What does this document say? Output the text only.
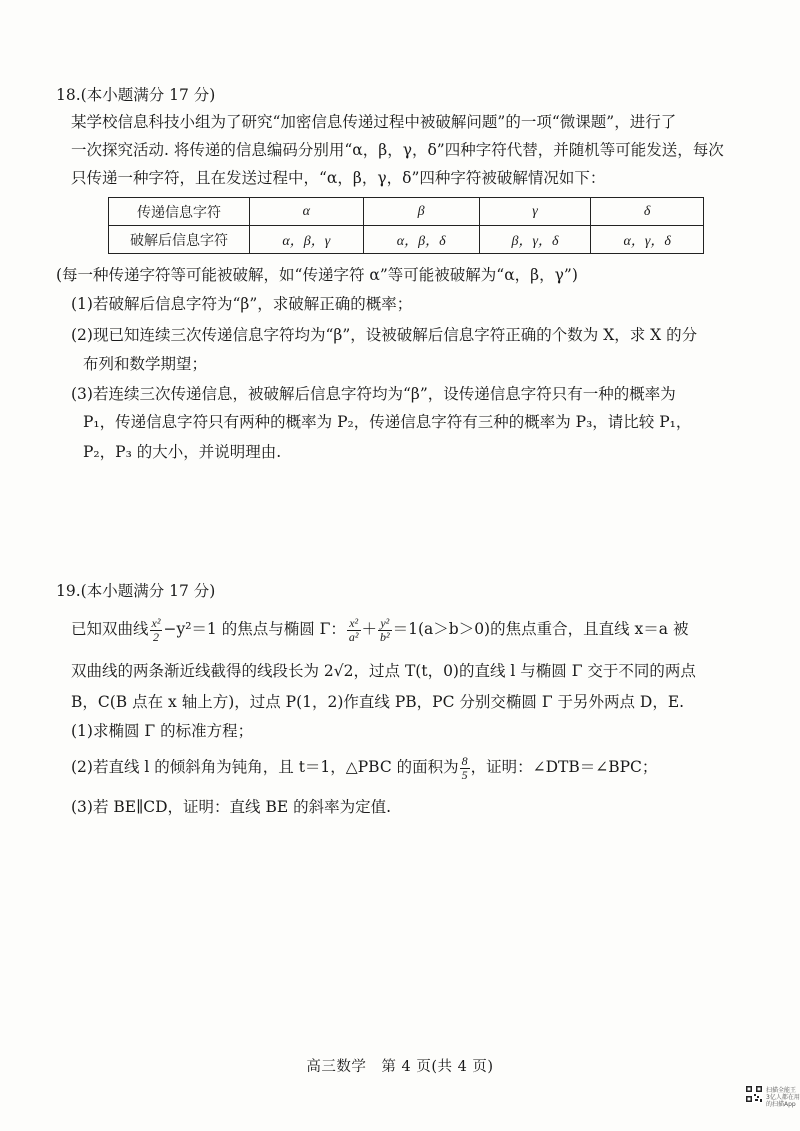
18.(本小题满分 17 分)
某学校信息科技小组为了研究“加密信息传递过程中被破解问题”的一项“微课题”，进行了
一次探究活动. 将传递的信息编码分别用“α，β，γ，δ”四种字符代替，并随机等可能发送，每次
只传递一种字符，且在发送过程中，“α，β，γ，δ”四种字符被破解情况如下：
传递信息字符	α	β	γ	δ
破解后信息字符	α，β，γ	α，β，δ	β，γ，δ	α，γ，δ
(每一种传递字符等可能被破解，如“传递字符 α”等可能被破解为“α，β，γ”)
(1)若破解后信息字符为“β”，求破解正确的概率；
(2)现已知连续三次传递信息字符均为“β”，设被破解后信息字符正确的个数为 X，求 X 的分
布列和数学期望；
(3)若连续三次传递信息，被破解后信息字符均为“β”，设传递信息字符只有一种的概率为
P₁，传递信息字符只有两种的概率为 P₂，传递信息字符有三种的概率为 P₃，请比较 P₁，
P₂，P₃ 的大小，并说明理由.
19.(本小题满分 17 分)
已知双曲线 $\frac{\text{x²}}{2} -y^2=1$ 的焦点与椭圆 Γ： $\frac{\text{x²}}{\text{a²}} + \frac{\text{y²}}{\text{b²}} =1(a>b>0)$的焦点重合，且直线 x＝a 被
双曲线的两条渐近线截得的线段长为 2√2，过点 T(t，0)的直线 l 与椭圆 Γ 交于不同的两点
B，C(B 点在 x 轴上方)，过点 P(1，2)作直线 PB，PC 分别交椭圆 Γ 于另外两点 D，E.
(1)求椭圆 Γ 的标准方程；
(2)若直线 l 的倾斜角为钝角，且 t＝1，△PBC 的面积为 $\frac{8}{5}$ ，证明：∠DTB＝∠BPC；
(3)若 BE∥CD，证明：直线 BE 的斜率为定值.
高三数学　第 4 页(共 4 页)
扫描全能王
3亿人都在用的扫描App
